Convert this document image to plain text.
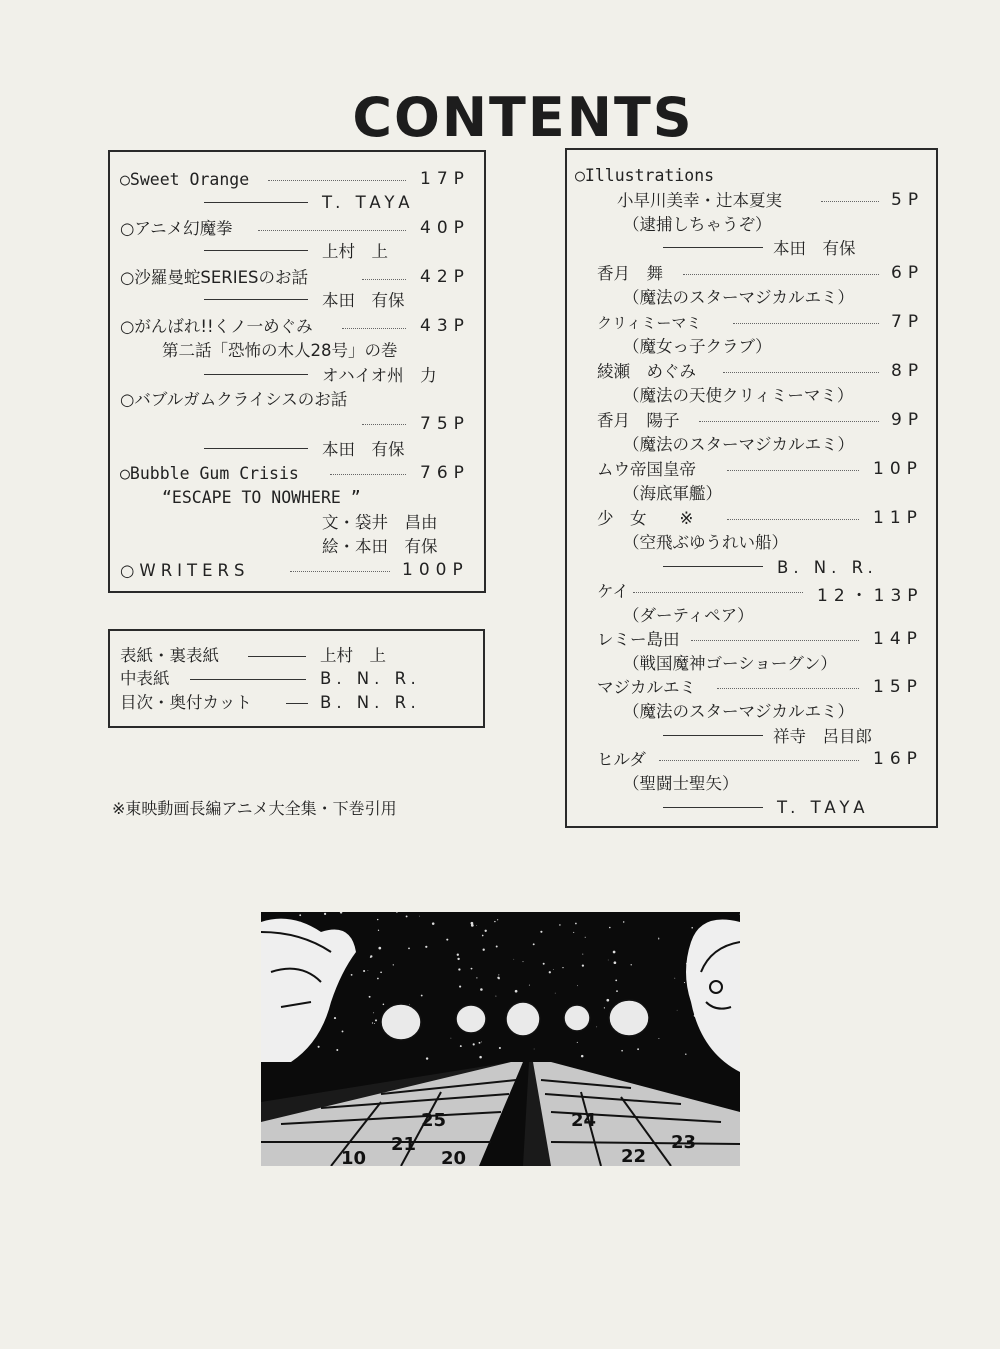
CONTENTS
○Sweet Orange	17P
T. TAYA
○アニメ幻魔拳	40P
上村　上
○沙羅曼蛇SERIESのお話	42P
本田　有保
○がんばれ!!くノ一めぐみ	43P
第二話「恐怖の木人28号」の巻
オハイオ州　力
○バブルガムクライシスのお話
75P
本田　有保
○Bubble Gum Crisis	76P
“ESCAPE TO NOWHERE ”
文・袋井　昌由
絵・本田　有保
○WRITERS	100P
表紙・裏表紙	上村　上
中表紙	B. N. R.
目次・奥付カット	B. N. R.
※東映動画長編アニメ大全集・下巻引用
○Illustrations
小早川美幸・辻本夏実	5P
（逮捕しちゃうぞ）
本田　有保
香月　舞	6P
（魔法のスターマジカルエミ）
クリィミーマミ	7P
（魔女っ子クラブ）
綾瀬　めぐみ	8P
（魔法の天使クリィミーマミ）
香月　陽子	9P
（魔法のスターマジカルエミ）
ムウ帝国皇帝	10P
（海底軍艦）
少　女　　※	11P
（空飛ぶゆうれい船）
B. N. R.
ケイ	12・13P
（ダーティペア）
レミー島田	14P
（戦国魔神ゴーショーグン）
マジカルエミ	15P
（魔法のスターマジカルエミ）
祥寺　呂目郎
ヒルダ	16P
（聖闘士聖矢）
T. TAYA
21
10	20
25	24
23
22
